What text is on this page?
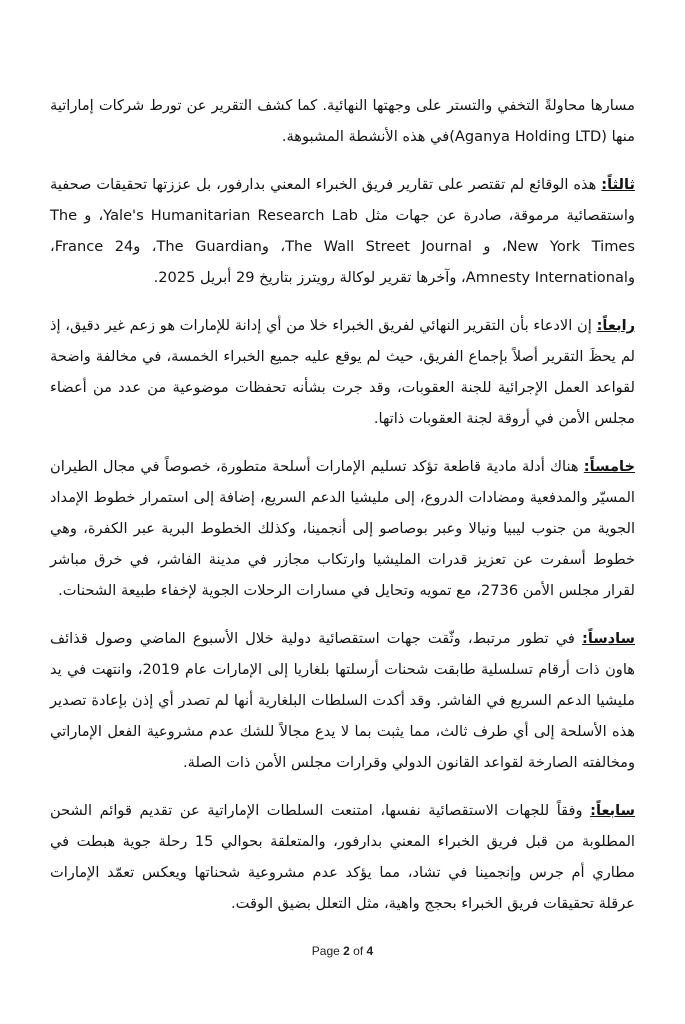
مسارها محاولةً التخفي والتستر على وجهتها النهائية. كما كشف التقرير عن تورط شركات إماراتية منها (Aganya Holding LTD)في هذه الأنشطة المشبوهة.

ثالثاً: هذه الوقائع لم تقتصر على تقارير فريق الخبراء المعني بدارفور، بل عززتها تحقيقات صحفية واستقصائية مرموقة، صادرة عن جهات مثل Yale's Humanitarian Research Lab، و The New York Times، و The Wall Street Journal، وThe Guardian، و24 France، وAmnesty International، وآخرها تقرير لوكالة رويترز بتاريخ 29 أبريل 2025.

رابعاً: إن الادعاء بأن التقرير النهائي لفريق الخبراء خلا من أي إدانة للإمارات هو زعم غير دقيق، إذ لم يحظَ التقرير أصلاً بإجماع الفريق، حيث لم يوقع عليه جميع الخبراء الخمسة، في مخالفة واضحة لقواعد العمل الإجرائية للجنة العقوبات، وقد جرت بشأنه تحفظات موضوعية من عدد من أعضاء مجلس الأمن في أروقة لجنة العقوبات ذاتها.

خامساً: هناك أدلة مادية قاطعة تؤكد تسليم الإمارات أسلحة متطورة، خصوصاً في مجال الطيران المسيّر والمدفعية ومضادات الدروع، إلى مليشيا الدعم السريع، إضافة إلى استمرار خطوط الإمداد الجوية من جنوب ليبيا ونيالا وعبر بوصاصو إلى أنجمينا، وكذلك الخطوط البرية عبر الكفرة، وهي خطوط أسفرت عن تعزيز قدرات المليشيا وارتكاب مجازر في مدينة الفاشر، في خرق مباشر لقرار مجلس الأمن 2736، مع تمويه وتحايل في مسارات الرحلات الجوية لإخفاء طبيعة الشحنات.

سادساً: في تطور مرتبط، وثّقت جهات استقصائية دولية خلال الأسبوع الماضي وصول قذائف هاون ذات أرقام تسلسلية طابقت شحنات أرسلتها بلغاريا إلى الإمارات عام 2019، وانتهت في يد مليشيا الدعم السريع في الفاشر. وقد أكدت السلطات البلغارية أنها لم تصدر أي إذن بإعادة تصدير هذه الأسلحة إلى أي طرف ثالث، مما يثبت بما لا يدع مجالاً للشك عدم مشروعية الفعل الإماراتي ومخالفته الصارخة لقواعد القانون الدولي وقرارات مجلس الأمن ذات الصلة.

سابعاً: وفقاً للجهات الاستقصائية نفسها، امتنعت السلطات الإماراتية عن تقديم قوائم الشحن المطلوبة من قبل فريق الخبراء المعني بدارفور، والمتعلقة بحوالي 15 رحلة جوية هبطت في مطاري أم جرس وإنجمينا في تشاد، مما يؤكد عدم مشروعية شحناتها ويعكس تعمّد الإمارات عرقلة تحقيقات فريق الخبراء بحجج واهية، مثل التعلل بضيق الوقت.

Page 2 of 4
